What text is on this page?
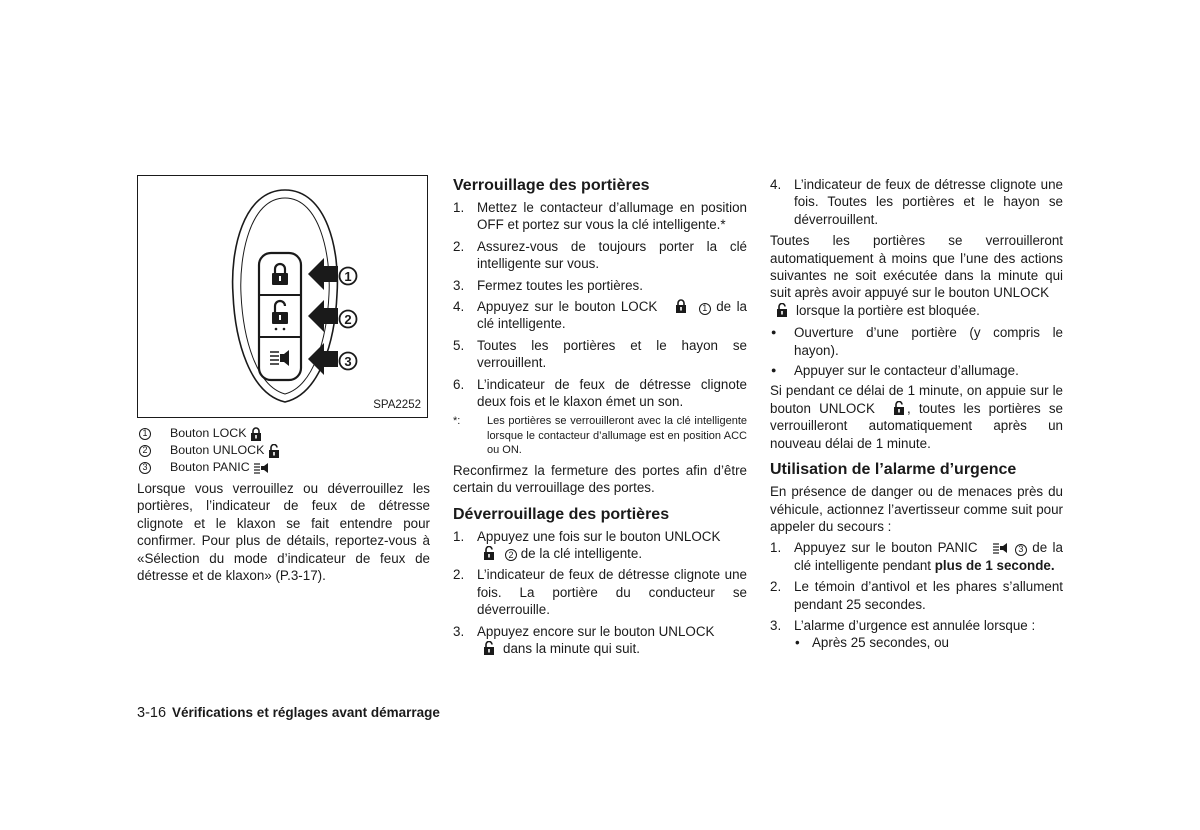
1
2
3
SPA2252
1 Bouton LOCK
2 Bouton UNLOCK
3 Bouton PANIC

Lorsque vous verrouillez ou déverrouillez les portières, l’indicateur de feux de détresse clignote et le klaxon se fait entendre pour confirmer. Pour plus de détails, reportez-vous à «Sélection du mode d’indicateur de feux de détresse et de klaxon» (P.3-17).

Verrouillage des portières
1. Mettez le contacteur d’allumage en position OFF et portez sur vous la clé intelligente.*
2. Assurez-vous de toujours porter la clé intelligente sur vous.
3. Fermez toutes les portières.
4. Appuyez sur le bouton LOCK	1 de la clé intelligente.
5. Toutes les portières et le hayon se verrouillent.
6. L’indicateur de feux de détresse clignote deux fois et le klaxon émet un son.
*: Les portières se verrouilleront avec la clé intelligente lorsque le contacteur d’allumage est en position ACC ou ON.

Reconfirmez la fermeture des portes afin d’être certain du verrouillage des portes.

Déverrouillage des portières
1. Appuyez une fois sur le bouton UNLOCK
2 de la clé intelligente.
2. L’indicateur de feux de détresse clignote une fois. La portière du conducteur se déverrouille.
3. Appuyez encore sur le bouton UNLOCK
dans la minute qui suit.
4. L’indicateur de feux de détresse clignote une fois. Toutes les portières et le hayon se déverrouillent.

Toutes les portières se verrouilleront automatiquement à moins que l’une des actions suivantes ne soit exécutée dans la minute qui suit après avoir appuyé sur le bouton UNLOCK
lorsque la portière est bloquée.

● Ouverture d’une portière (y compris le hayon).
● Appuyer sur le contacteur d’allumage.

Si pendant ce délai de 1 minute, on appuie sur le bouton UNLOCK , toutes les portières se verrouilleront automatiquement après un nouveau délai de 1 minute.

Utilisation de l’alarme d’urgence

En présence de danger ou de menaces près du véhicule, actionnez l’avertisseur comme suit pour appeler du secours :

1. Appuyez sur le bouton PANIC	3 de la clé intelligente pendant plus de 1 seconde.
2. Le témoin d’antivol et les phares s’allument pendant 25 secondes.
3. L’alarme d’urgence est annulée lorsque :
• Après 25 secondes, ou
3-16 Vérifications et réglages avant démarrage
